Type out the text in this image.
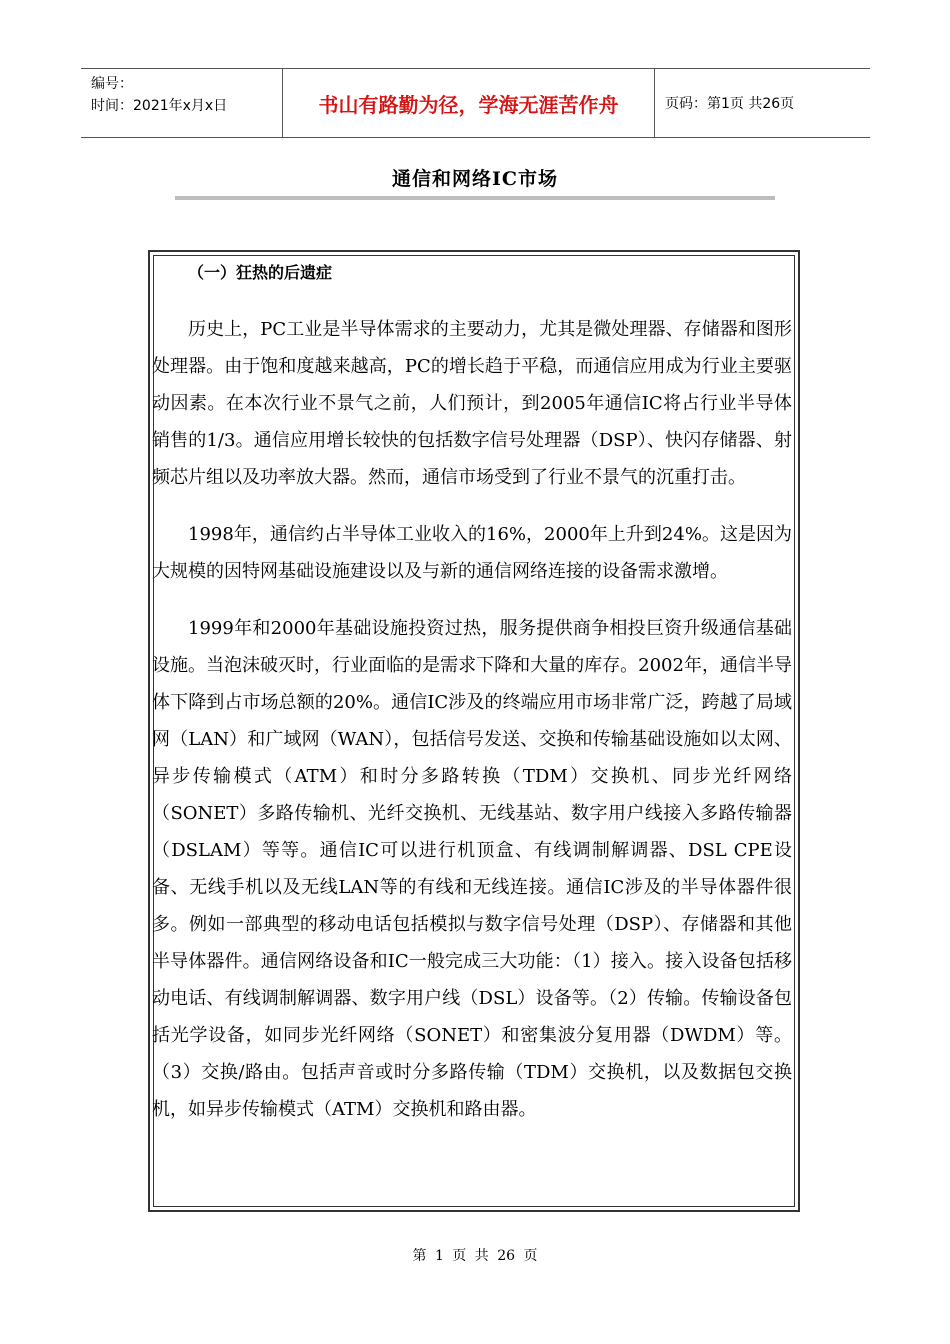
编号：
时间：2021年x月x日	书山有路勤为径，学海无涯苦作舟	页码：第1页 共26页
通信和网络IC市场
（一）狂热的后遗症

历史上，PC工业是半导体需求的主要动力，尤其是微处理器、存储器和图形处理器。由于饱和度越来越高，PC的增长趋于平稳，而通信应用成为行业主要驱动因素。在本次行业不景气之前，人们预计，到2005年通信IC将占行业半导体销售的1/3。通信应用增长较快的包括数字信号处理器（DSP）、快闪存储器、射频芯片组以及功率放大器。然而，通信市场受到了行业不景气的沉重打击。

1998年，通信约占半导体工业收入的16%，2000年上升到24%。这是因为大规模的因特网基础设施建设以及与新的通信网络连接的设备需求激增。

1999年和2000年基础设施投资过热，服务提供商争相投巨资升级通信基础设施。当泡沫破灭时，行业面临的是需求下降和大量的库存。2002年，通信半导体下降到占市场总额的20%。通信IC涉及的终端应用市场非常广泛，跨越了局域网（LAN）和广域网（WAN），包括信号发送、交换和传输基础设施如以太网、异步传输模式（ATM）和时分多路转换（TDM）交换机、同步光纤网络（SONET）多路传输机、光纤交换机、无线基站、数字用户线接入多路传输器（DSLAM）等等。通信IC可以进行机顶盒、有线调制解调器、DSL CPE设备、无线手机以及无线LAN等的有线和无线连接。通信IC涉及的半导体器件很多。例如一部典型的移动电话包括模拟与数字信号处理（DSP）、存储器和其他半导体器件。通信网络设备和IC一般完成三大功能：（1）接入。接入设备包括移动电话、有线调制解调器、数字用户线（DSL）设备等。（2）传输。传输设备包括光学设备，如同步光纤网络（SONET）和密集波分复用器（DWDM）等。（3）交换/路由。包括声音或时分多路传输（TDM）交换机，以及数据包交换机，如异步传输模式（ATM）交换机和路由器。

第 1 页 共 26 页
